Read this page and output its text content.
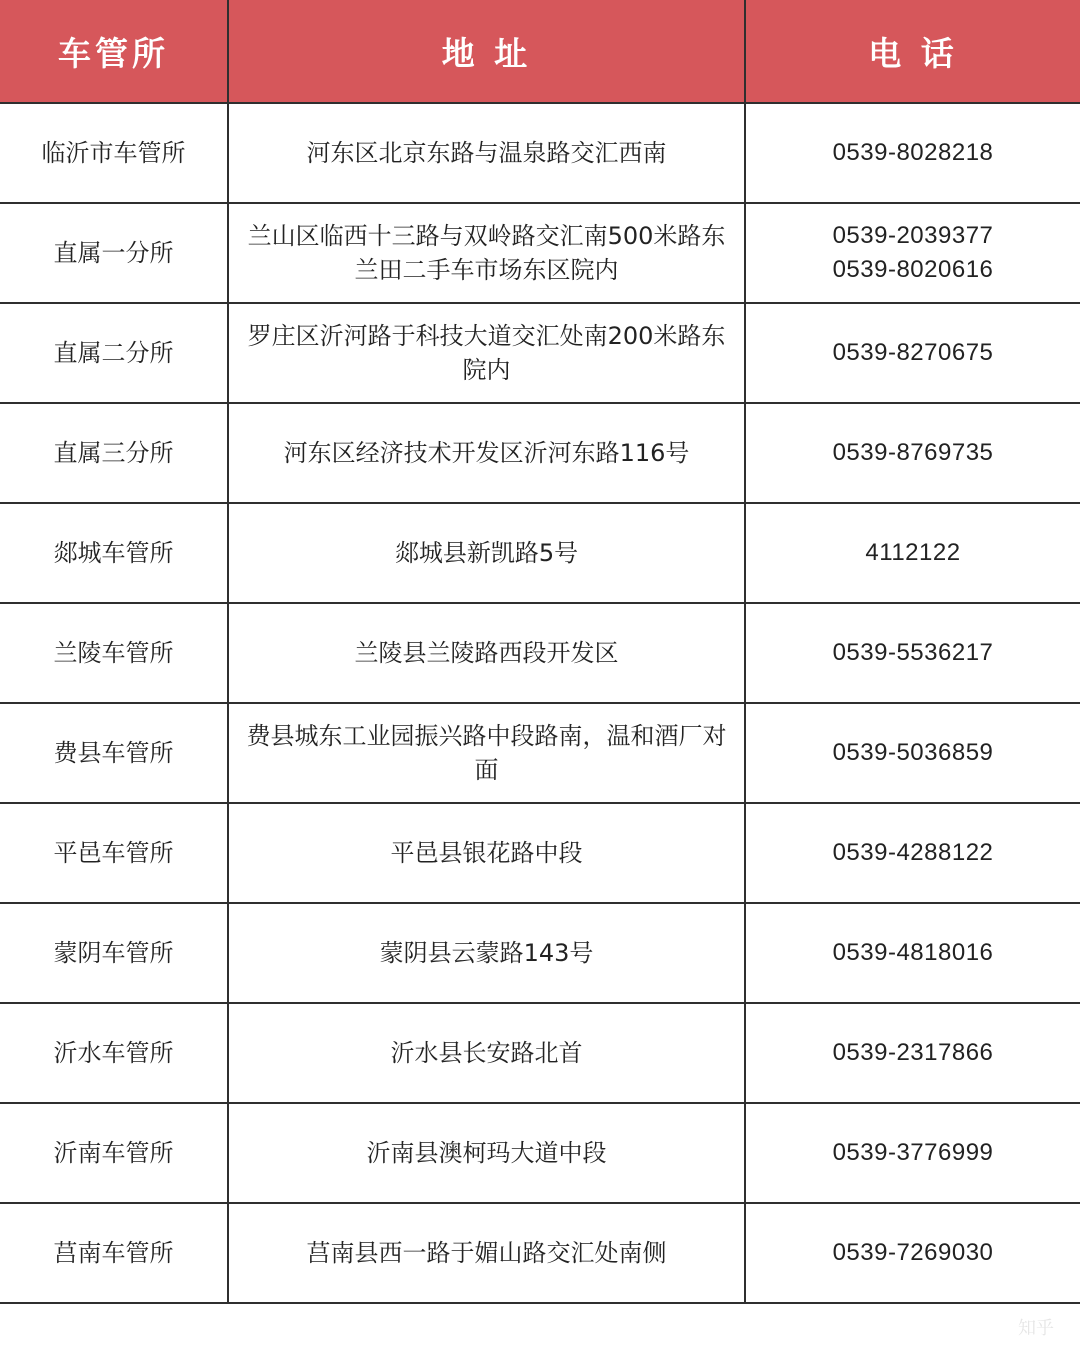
车管所	地 址	电 话
临沂市车管所	河东区北京东路与温泉路交汇西南	0539-8028218

直属一分所	兰山区临西十三路与双岭路交汇南500米路东兰田二手车市场东区院内	0539-2039377
0539-8020616

直属二分所	罗庄区沂河路于科技大道交汇处南200米路东院内	0539-8270675

直属三分所	河东区经济技术开发区沂河东路116号	0539-8769735

郯城车管所	郯城县新凯路5号	4112122

兰陵车管所	兰陵县兰陵路西段开发区	0539-5536217

费县车管所	费县城东工业园振兴路中段路南，温和酒厂对面	0539-5036859

平邑车管所	平邑县银花路中段	0539-4288122

蒙阴车管所	蒙阴县云蒙路143号	0539-4818016

沂水车管所	沂水县长安路北首	0539-2317866

沂南车管所	沂南县澳柯玛大道中段	0539-3776999

莒南车管所	莒南县西一路于媚山路交汇处南侧	0539-7269030
知乎
